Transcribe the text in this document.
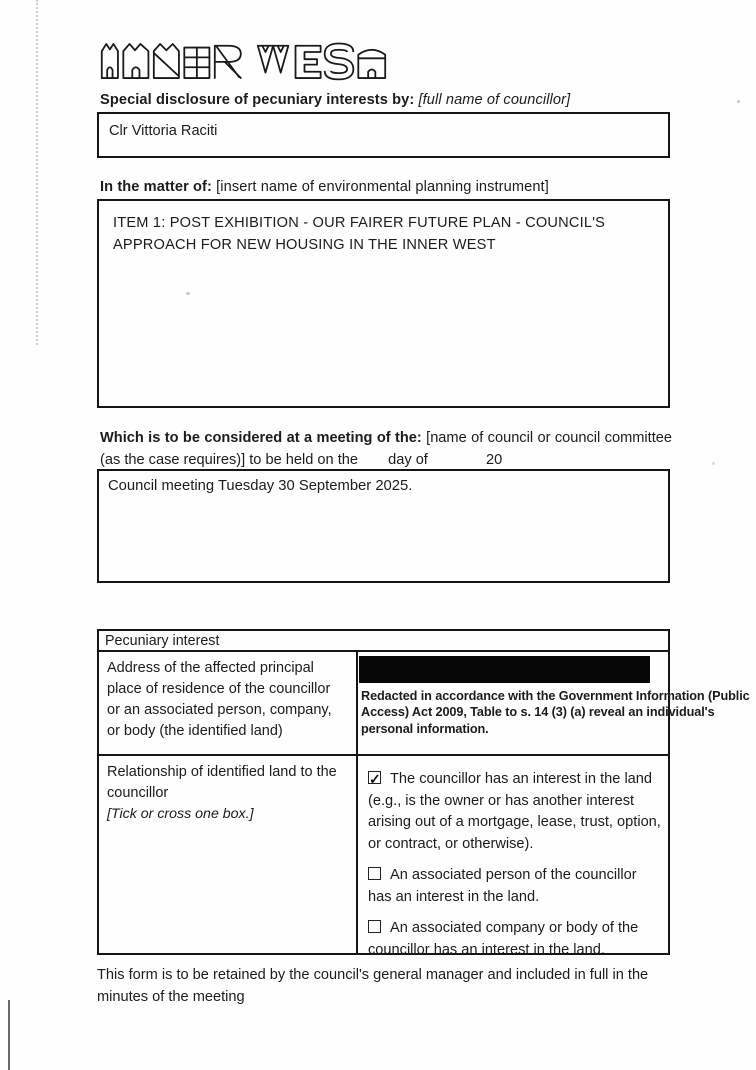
Special disclosure of pecuniary interests by: [full name of councillor]
Clr Vittoria Raciti
In the matter of: [insert name of environmental planning instrument]
ITEM 1: POST EXHIBITION - OUR FAIRER FUTURE PLAN - COUNCIL'S APPROACH FOR NEW HOUSING IN THE INNER WEST

Which is to be considered at a meeting of the: [name of council or council committee (as the case requires)] to be held on the day of	20

Council meeting Tuesday 30 September 2025.
Pecuniary interest
Address of the affected principal place of residence of the councillor or an associated person, company, or body (the identified land)
Redacted in accordance with the Government Information (Public Access) Act 2009, Table to s. 14 (3) (a) reveal an individual's personal information.
Relationship of identified land to the councillor
[Tick or cross one box.]

✓The councillor has an interest in the land (e.g., is the owner or has another interest arising out of a mortgage, lease, trust, option, or contract, or otherwise).

An associated person of the councillor has an interest in the land.

An associated company or body of the councillor has an interest in the land.

This form is to be retained by the council's general manager and included in full in the minutes of the meeting
